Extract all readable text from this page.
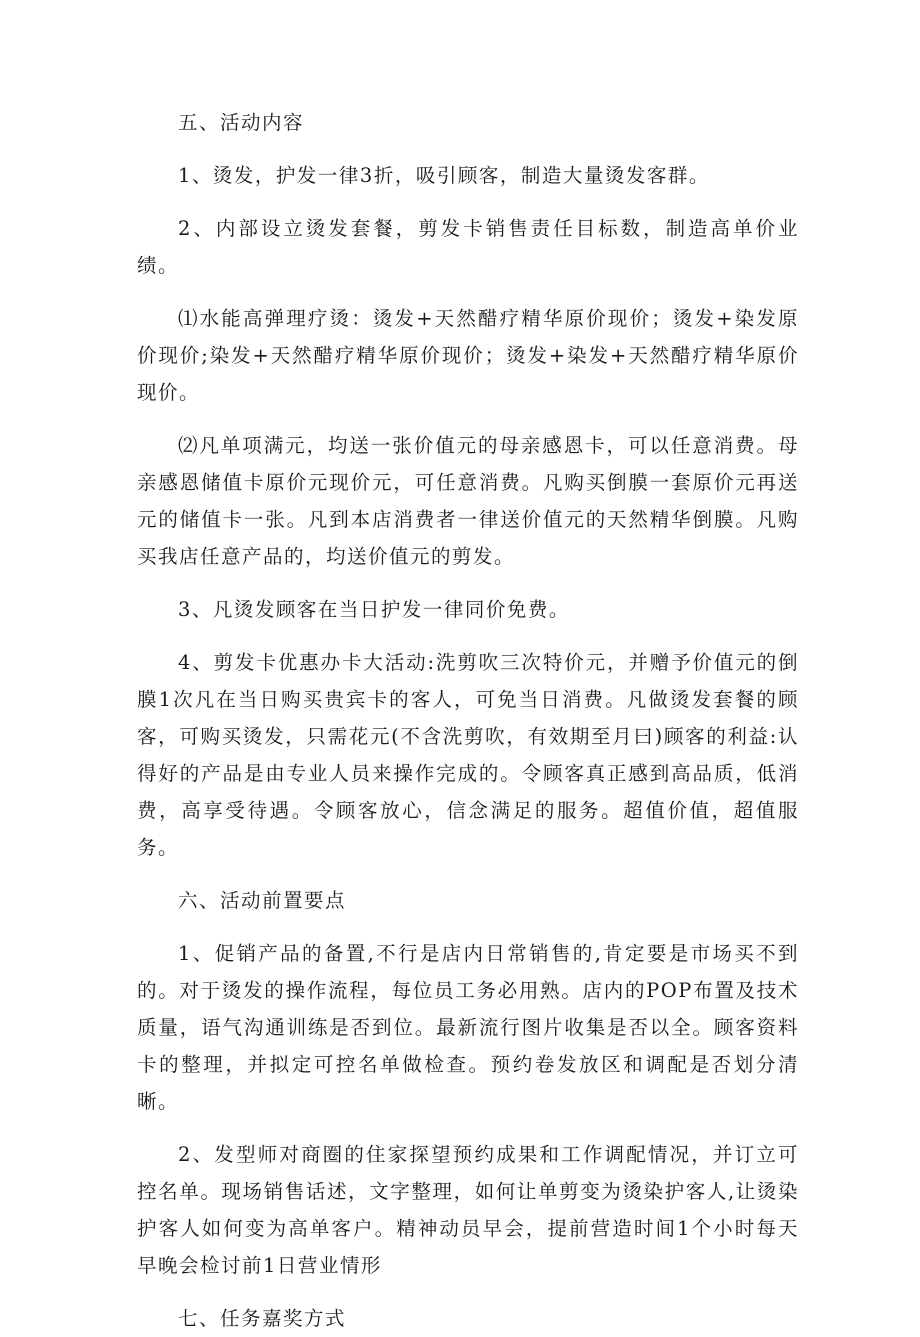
五、活动内容

1、烫发，护发一律3折，吸引顾客，制造大量烫发客群。

2、内部设立烫发套餐，剪发卡销售责任目标数，制造高单价业绩。

⑴水能高弹理疗烫：烫发+天然醋疗精华原价现价；烫发+染发原价现价;染发+天然醋疗精华原价现价；烫发+染发+天然醋疗精华原价现价。

⑵凡单项满元，均送一张价值元的母亲感恩卡，可以任意消费。母亲感恩储值卡原价元现价元，可任意消费。凡购买倒膜一套原价元再送元的储值卡一张。凡到本店消费者一律送价值元的天然精华倒膜。凡购买我店任意产品的，均送价值元的剪发。

3、凡烫发顾客在当日护发一律同价免费。

4、剪发卡优惠办卡大活动:洗剪吹三次特价元，并赠予价值元的倒膜1次凡在当日购买贵宾卡的客人，可免当日消费。凡做烫发套餐的顾客，可购买烫发，只需花元(不含洗剪吹，有效期至月曰)顾客的利益:认得好的产品是由专业人员来操作完成的。令顾客真正感到高品质，低消费，高享受待遇。令顾客放心，信念满足的服务。超值价值，超值服务。

六、活动前置要点

1、促销产品的备置,不行是店内日常销售的,肯定要是市场买不到的。对于烫发的操作流程，每位员工务必用熟。店内的POP布置及技术质量，语气沟通训练是否到位。最新流行图片收集是否以全。顾客资料卡的整理，并拟定可控名单做检查。预约卷发放区和调配是否划分清晰。

2、发型师对商圈的住家探望预约成果和工作调配情况，并订立可控名单。现场销售话述，文字整理，如何让单剪变为烫染护客人,让烫染护客人如何变为高单客户。精神动员早会，提前营造时间1个小时每天早晚会检讨前1日营业情形

七、任务嘉奖方式
